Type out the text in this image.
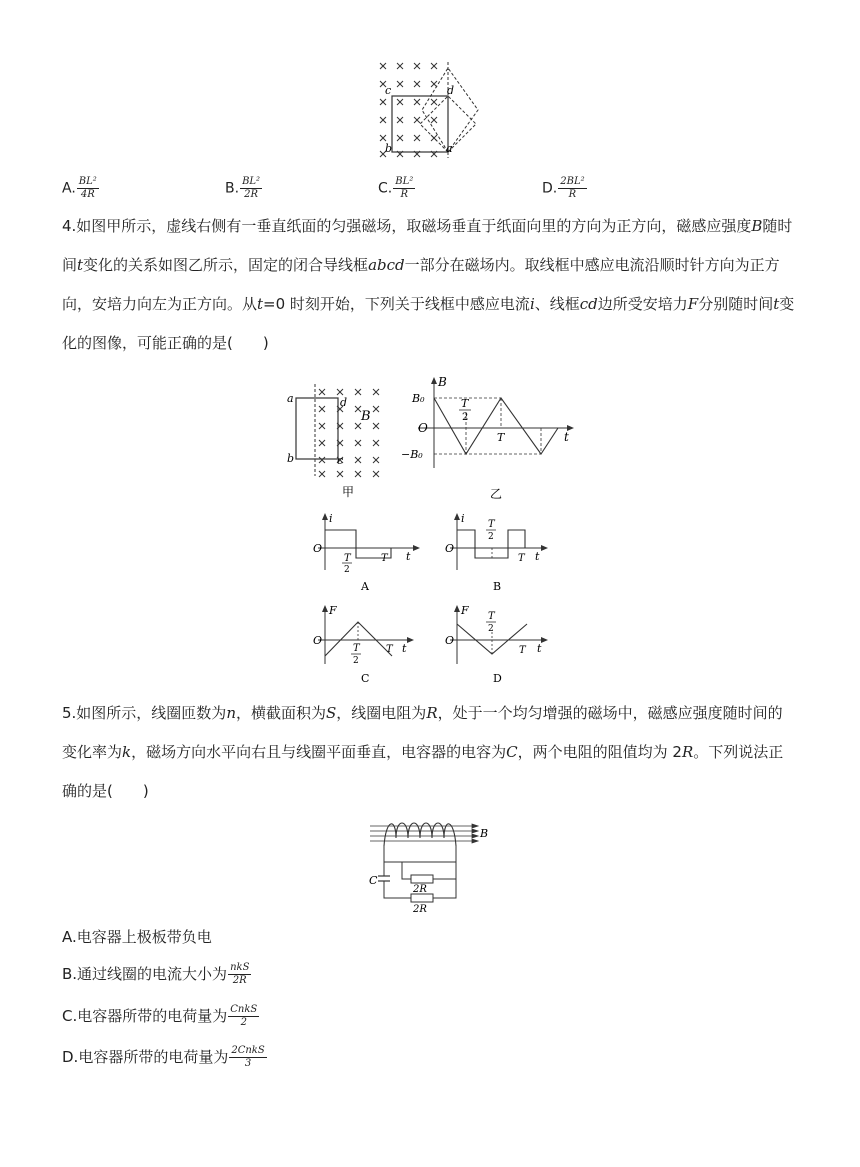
c	d
b	a
A. $\frac{\text{BL²}}{4R}$	B. $\frac{\text{BL²}}{2R}$	C. $\frac{\text{BL²}}{R}$	D. $\frac{\text{2BL²}}{R}$
4.如图甲所示，虚线右侧有一垂直纸面的匀强磁场，取磁场垂直于纸面向里的方向为正方向，磁感应强度B随时间t变化的关系如图乙所示，固定的闭合导线框abcd一部分在磁场内。取线框中感应电流沿顺时针方向为正方向，安培力向左为正方向。从t=0 时刻开始，下列关于线框中感应电流i、线框cd边所受安培力F分别随时间t变化的图像，可能正确的是(　　)
a
b
d
c
B
甲
B
t
O
B₀
−B₀
T
2
T
乙
i
t
O
T
2
T
A
i
t
O
T
2
T
B
F
t
O
T
2
T
C
F
t
O
T
2
T
D
5.如图所示，线圈匝数为n，横截面积为S，线圈电阻为R，处于一个均匀增强的磁场中，磁感应强度随时间的变化率为k，磁场方向水平向右且与线圈平面垂直，电容器的电容为C，两个电阻的阻值均为 2R。下列说法正确的是(　　)
B
C
2R
2R
A.电容器上极板带负电
B.通过线圈的电流大小为 $\frac{\text{nkS}}{2R}$
C.电容器所带的电荷量为 $\frac{\text{CnkS}}{2}$
D.电容器所带的电荷量为 $\frac{\text{2CnkS}}{3}$
